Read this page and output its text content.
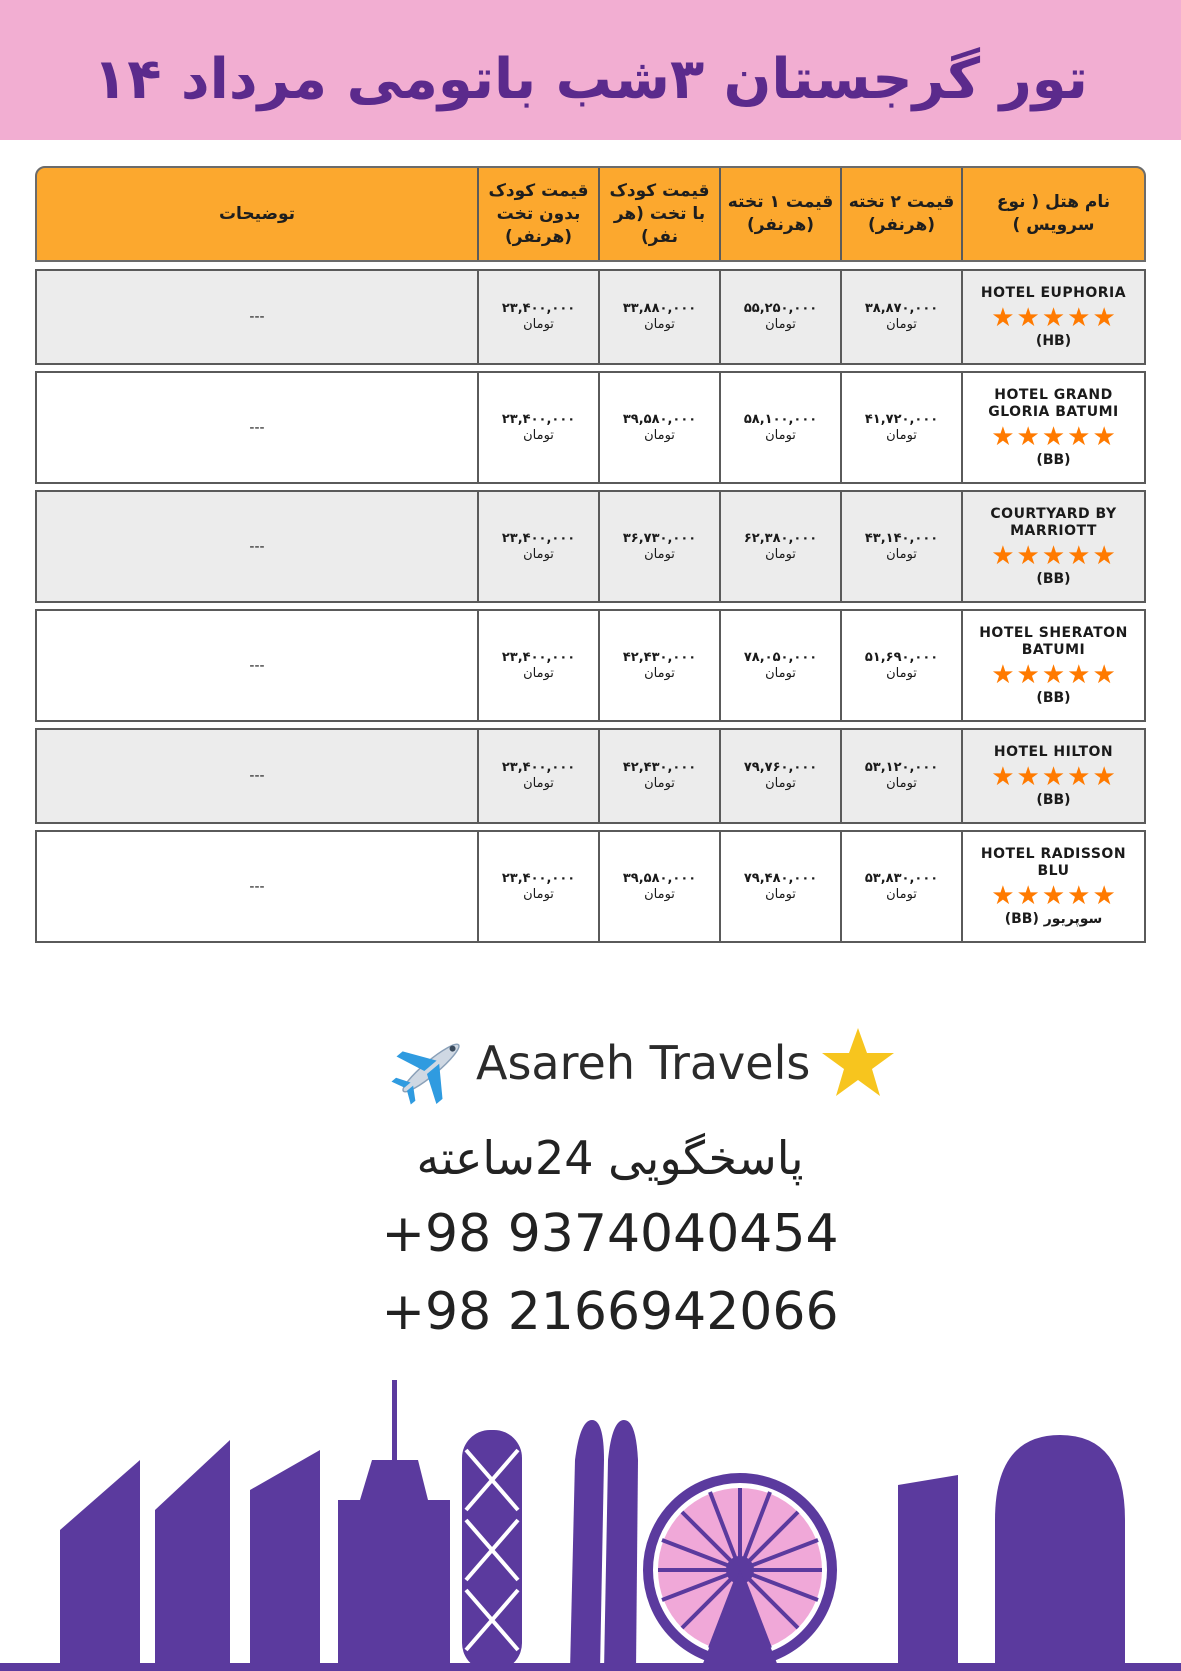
تور گرجستان ۳شب باتومی مرداد ۱۴
نام هتل ( نوع سرویس )
قیمت ۲ تخته (هرنفر)
قیمت ۱ تخته (هرنفر)
قیمت کودک با تخت (هر نفر)
قیمت کودک بدون تخت (هرنفر)
توضیحات
HOTEL EUPHORIA
★
★
★
★
★
(HB)
۳۸,۸۷۰,۰۰۰
تومان
۵۵,۲۵۰,۰۰۰
تومان
۳۳,۸۸۰,۰۰۰
تومان
۲۳,۴۰۰,۰۰۰
تومان
---
HOTEL GRAND GLORIA BATUMI
★
★
★
★
★
(BB)
۴۱,۷۲۰,۰۰۰
تومان
۵۸,۱۰۰,۰۰۰
تومان
۳۹,۵۸۰,۰۰۰
تومان
۲۳,۴۰۰,۰۰۰
تومان
---
COURTYARD BY MARRIOTT
★
★
★
★
★
(BB)
۴۳,۱۴۰,۰۰۰
تومان
۶۲,۳۸۰,۰۰۰
تومان
۳۶,۷۳۰,۰۰۰
تومان
۲۳,۴۰۰,۰۰۰
تومان
---
HOTEL SHERATON BATUMI
★
★
★
★
★
(BB)
۵۱,۶۹۰,۰۰۰
تومان
۷۸,۰۵۰,۰۰۰
تومان
۴۲,۴۳۰,۰۰۰
تومان
۲۳,۴۰۰,۰۰۰
تومان
---
HOTEL HILTON
★
★
★
★
★
(BB)
۵۳,۱۲۰,۰۰۰
تومان
۷۹,۷۶۰,۰۰۰
تومان
۴۲,۴۳۰,۰۰۰
تومان
۲۳,۴۰۰,۰۰۰
تومان
---
HOTEL RADISSON BLU
★
★
★
★
★
سوپریور (BB)
۵۳,۸۳۰,۰۰۰
تومان
۷۹,۴۸۰,۰۰۰
تومان
۳۹,۵۸۰,۰۰۰
تومان
۲۳,۴۰۰,۰۰۰
تومان
---
Asareh Travels
پاسخگویی 24ساعته
+98 9374040454
+98 2166942066
